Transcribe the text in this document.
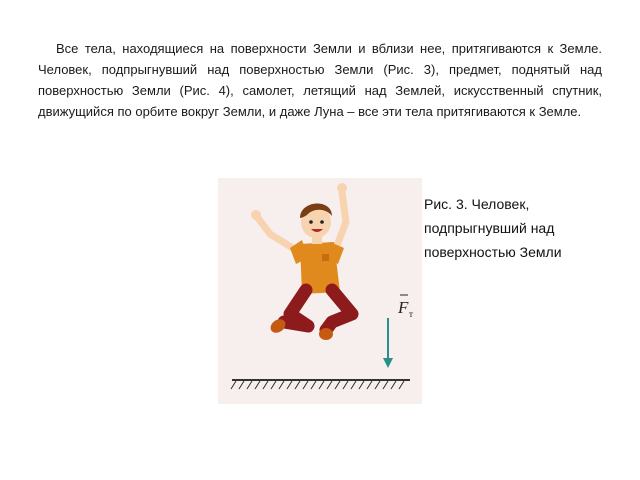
Все тела, находящиеся на поверхности Земли и вблизи нее, притягиваются к Земле. Человек, подпрыгнувший над поверхностью Земли (Рис. 3), предмет, поднятый над поверхностью Земли (Рис. 4), самолет, летящий над Землей, искусственный спутник, движущийся по орбите вокруг Земли, и даже Луна – все эти тела притягиваются к Земле.

F т
Рис. 3. Человек,
подпрыгнувший над
поверхностью Земли
